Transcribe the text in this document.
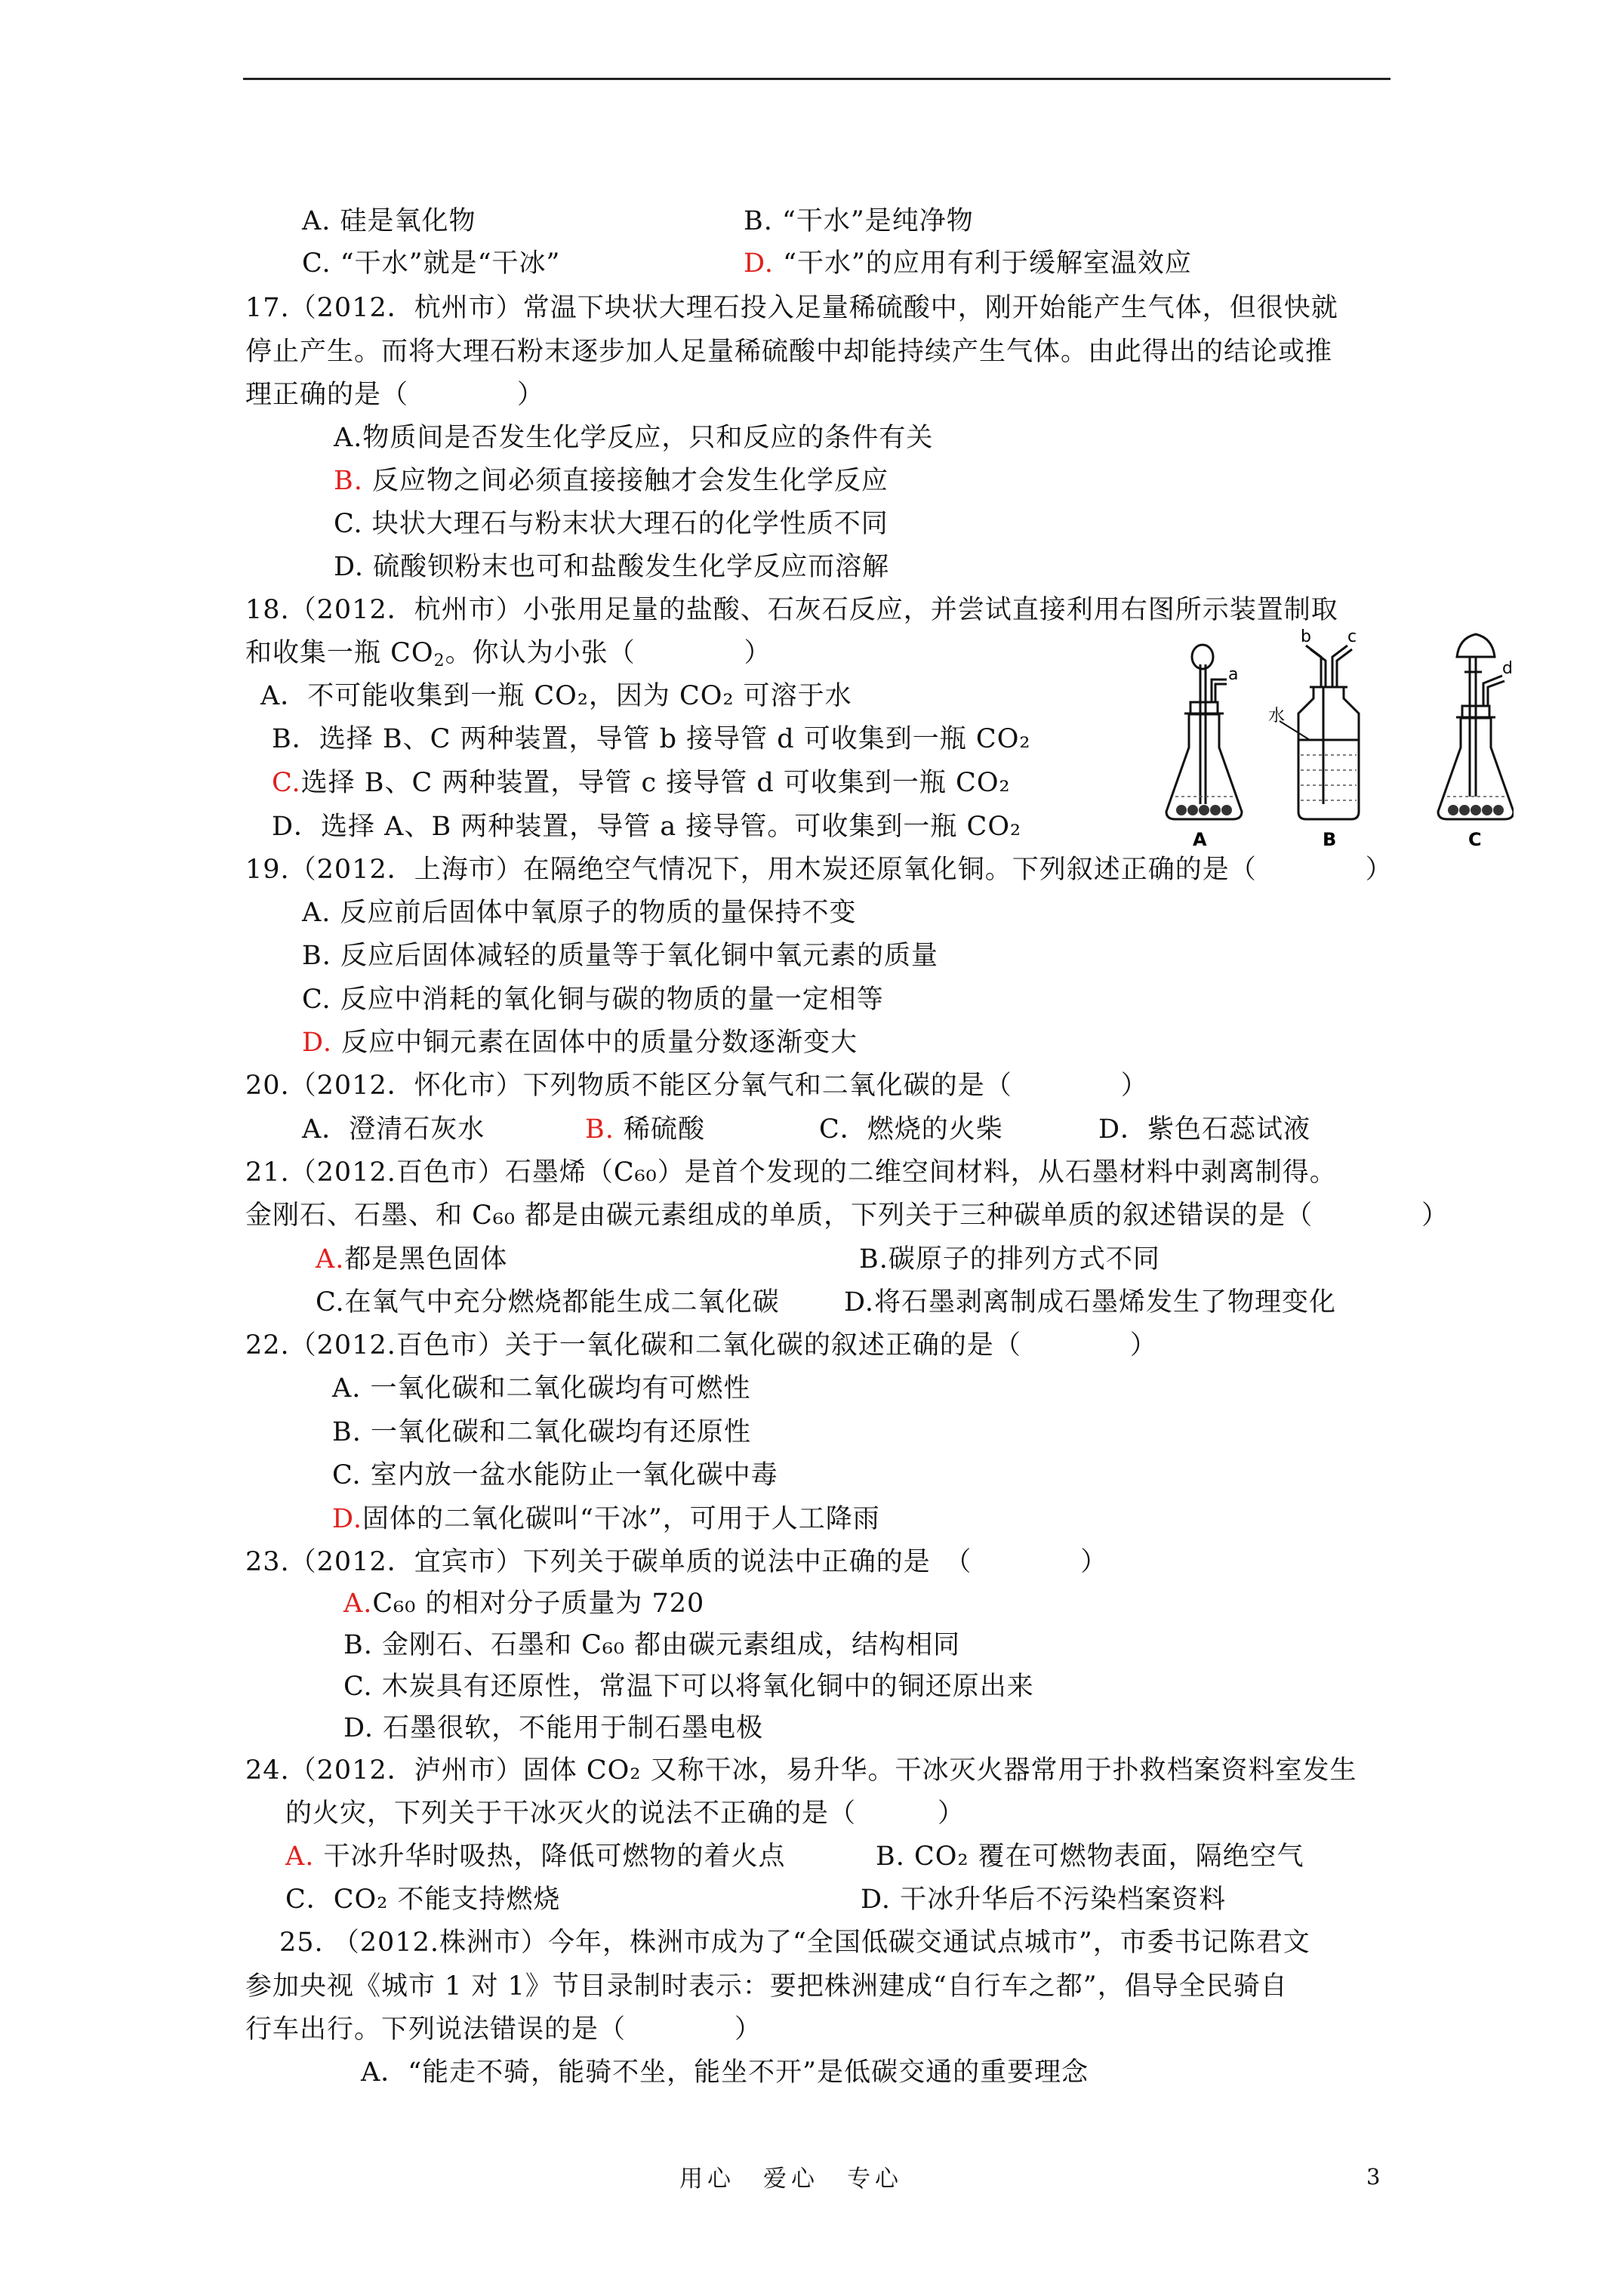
A. 硅是氧化物	B. “干水”是纯净物
C. “干水”就是“干冰”	D. “干水”的应用有利于缓解室温效应
17.（2012．杭州市）常温下块状大理石投入足量稀硫酸中，刚开始能产生气体，但很快就
停止产生。而将大理石粉末逐步加人足量稀硫酸中却能持续产生气体。由此得出的结论或推
理正确的是（　　　　）
A.物质间是否发生化学反应，只和反应的条件有关
B. 反应物之间必须直接接触才会发生化学反应
C. 块状大理石与粉末状大理石的化学性质不同
D. 硫酸钡粉末也可和盐酸发生化学反应而溶解
18.（2012．杭州市）小张用足量的盐酸、石灰石反应，并尝试直接利用右图所示装置制取
和收集一瓶 $CO_2$。你认为小张（　　　　）
A．不可能收集到一瓶 CO₂，因为 CO₂ 可溶于水
B．选择 B、C 两种装置，导管 b 接导管 d 可收集到一瓶 CO₂
C.选择 B、C 两种装置，导管 c 接导管 d 可收集到一瓶 CO₂
D．选择 A、B 两种装置，导管 a 接导管。可收集到一瓶 CO₂	A	B	C
a
b c
d
水
19.（2012．上海市）在隔绝空气情况下，用木炭还原氧化铜。下列叙述正确的是（　　　　）
A. 反应前后固体中氧原子的物质的量保持不变
B. 反应后固体减轻的质量等于氧化铜中氧元素的质量
C. 反应中消耗的氧化铜与碳的物质的量一定相等
D. 反应中铜元素在固体中的质量分数逐渐变大
20.（2012．怀化市）下列物质不能区分氧气和二氧化碳的是（　　　　）
A．澄清石灰水	B. 稀硫酸	C．燃烧的火柴	D．紫色石蕊试液
21.（2012.百色市）石墨烯（C₆₀）是首个发现的二维空间材料，从石墨材料中剥离制得。
金刚石、石墨、和 C₆₀ 都是由碳元素组成的单质，下列关于三种碳单质的叙述错误的是（　　　　）
A.都是黑色固体	B.碳原子的排列方式不同
C.在氧气中充分燃烧都能生成二氧化碳 D.将石墨剥离制成石墨烯发生了物理变化
22.（2012.百色市）关于一氧化碳和二氧化碳的叙述正确的是（　　　　）
A. 一氧化碳和二氧化碳均有可燃性
B. 一氧化碳和二氧化碳均有还原性
C. 室内放一盆水能防止一氧化碳中毒
D.固体的二氧化碳叫“干冰”，可用于人工降雨
23.（2012．宜宾市）下列关于碳单质的说法中正确的是　（　　　　）
A.C₆₀ 的相对分子质量为 720
B. 金刚石、石墨和 C₆₀ 都由碳元素组成，结构相同
C. 木炭具有还原性，常温下可以将氧化铜中的铜还原出来
D. 石墨很软，不能用于制石墨电极
24.（2012．泸州市）固体 CO₂ 又称干冰，易升华。干冰灭火器常用于扑救档案资料室发生
的火灾，下列关于干冰灭火的说法不正确的是（　　　）
A. 干冰升华时吸热，降低可燃物的着火点	B. CO₂ 覆在可燃物表面，隔绝空气
C．CO₂ 不能支持燃烧	D. 干冰升华后不污染档案资料
25. （2012.株洲市）今年，株洲市成为了“全国低碳交通试点城市”，市委书记陈君文
参加央视《城市 1 对 1》节目录制时表示：要把株洲建成“自行车之都”，倡导全民骑自
行车出行。下列说法错误的是（　　　　）
A．“能走不骑，能骑不坐，能坐不开”是低碳交通的重要理念
用心　爱心　专心	3
